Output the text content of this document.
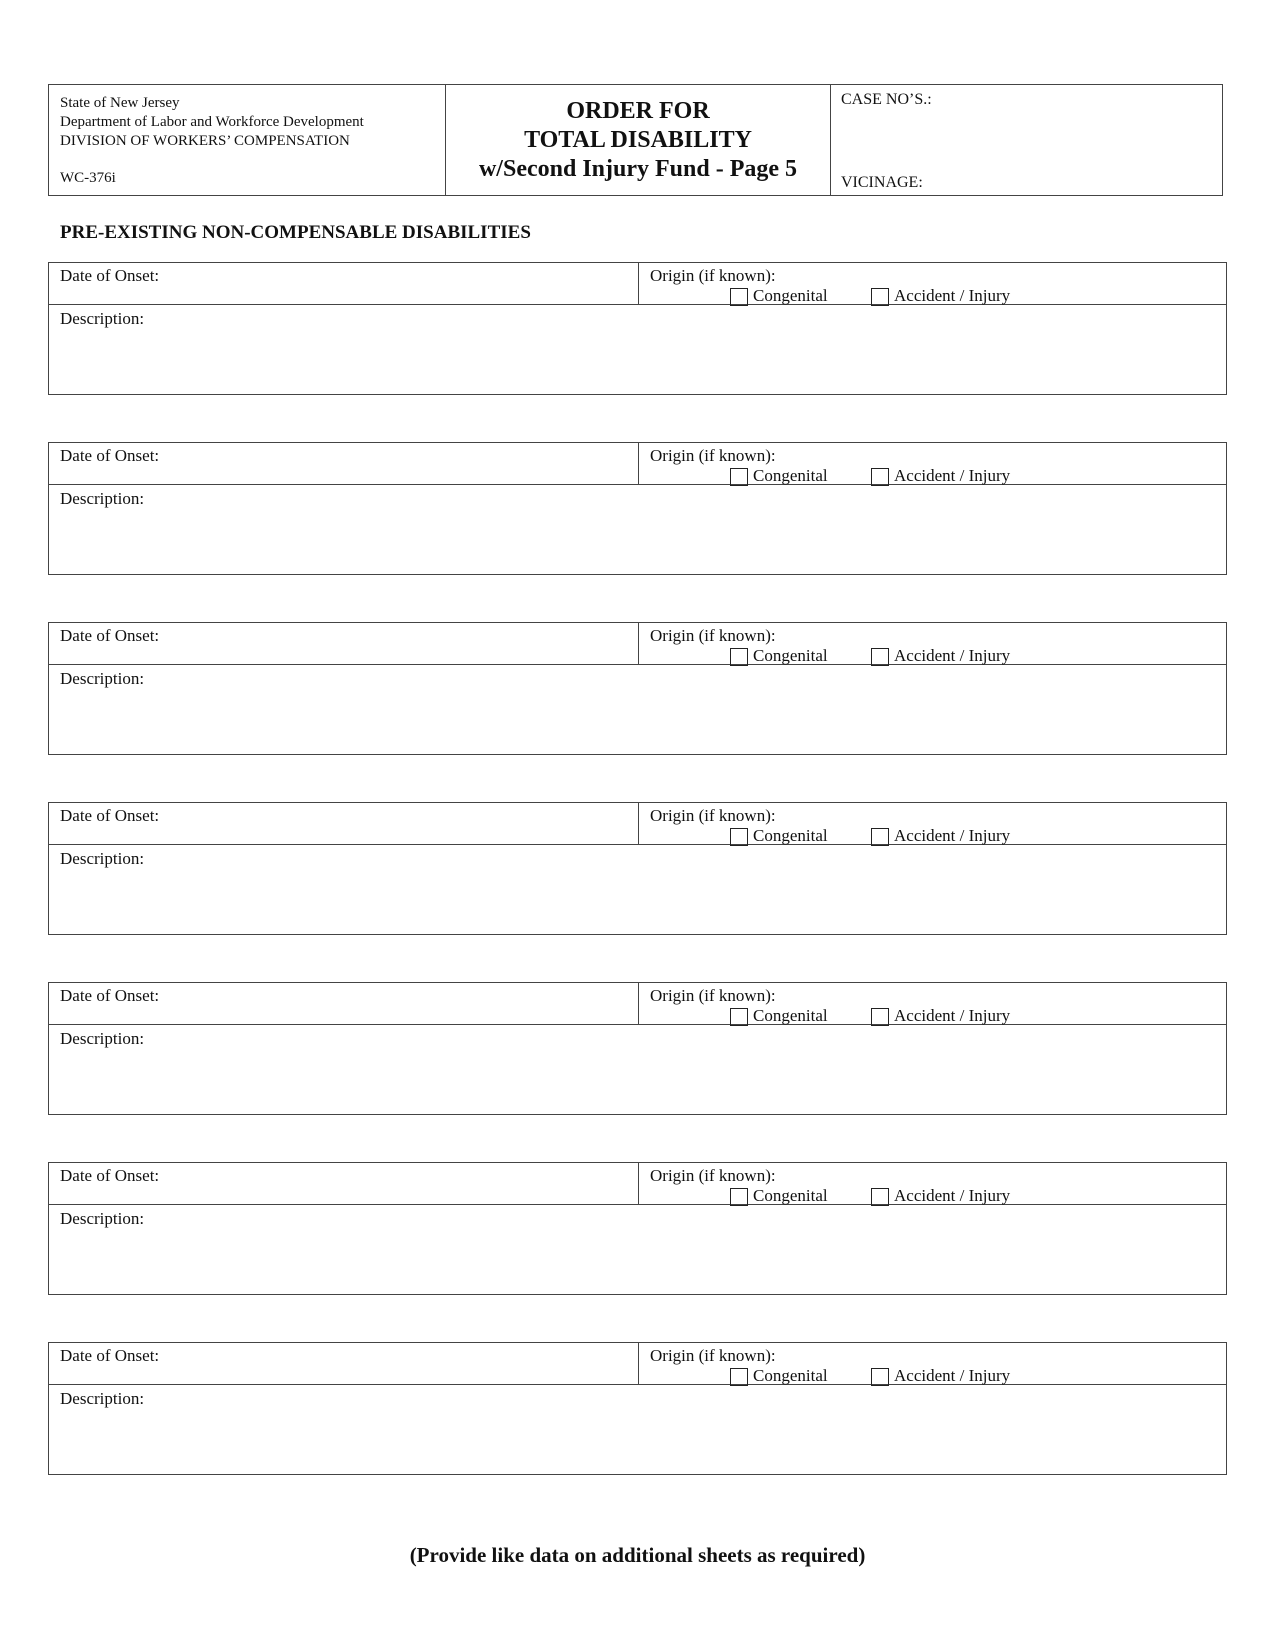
State of New Jersey
Department of Labor and Workforce Development
DIVISION OF WORKERS’ COMPENSATION
WC-376i
ORDER FOR
TOTAL DISABILITY
w/Second Injury Fund - Page 5
CASE NO’S.:
VICINAGE:
PRE-EXISTING NON-COMPENSABLE DISABILITIES
Date of Onset:	Origin (if known):
Congenital	Accident / Injury
Description:
Date of Onset:	Origin (if known):
Congenital	Accident / Injury
Description:
Date of Onset:	Origin (if known):
Congenital	Accident / Injury
Description:
Date of Onset:	Origin (if known):
Congenital	Accident / Injury
Description:
Date of Onset:	Origin (if known):
Congenital	Accident / Injury
Description:
Date of Onset:	Origin (if known):
Congenital	Accident / Injury
Description:
Date of Onset:	Origin (if known):
Congenital	Accident / Injury
Description:
(Provide like data on additional sheets as required)
